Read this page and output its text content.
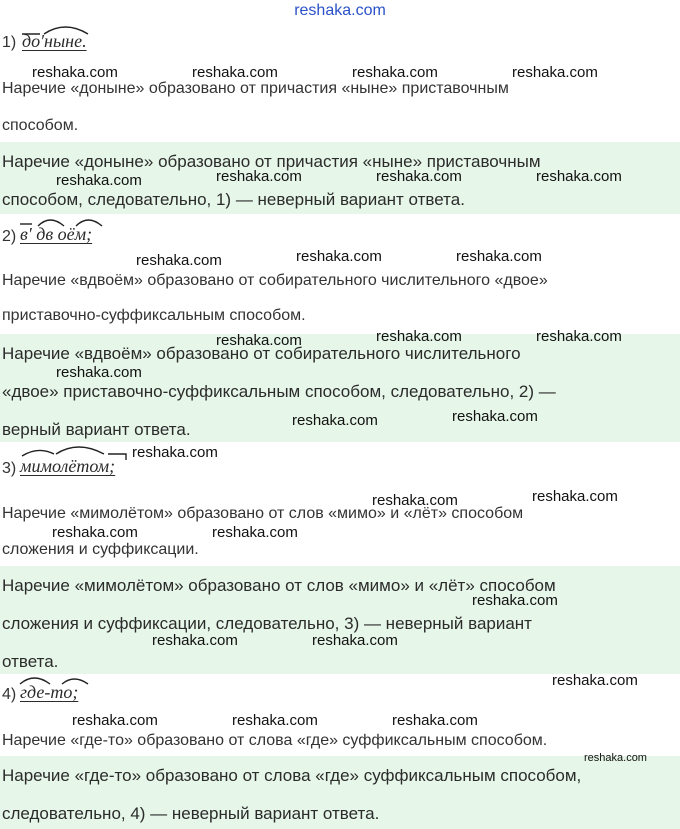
reshaka.com
1) до′ныне.
Наречие «доныне» образовано от причастия «ныне» приставочным
способом.
Наречие «доныне» образовано от причастия «ныне» приставочным
способом, следовательно, 1) — неверный вариант ответа.
2) в′ дв оём;
Наречие «вдвоём» образовано от собирательного числительного «двое»
приставочно-суффиксальным способом.
Наречие «вдвоём» образовано от собирательного числительного
«двое» приставочно-суффиксальным способом, следовательно, 2) —
верный вариант ответа.
3) мимолётом;
Наречие «мимолётом» образовано от слов «мимо» и «лёт» способом
сложения и суффиксации.
Наречие «мимолётом» образовано от слов «мимо» и «лёт» способом
сложения и суффиксации, следовательно, 3) — неверный вариант
ответа.
4) где-то;
Наречие «где-то» образовано от слова «где» суффиксальным способом.
Наречие «где-то» образовано от слова «где» суффиксальным способом,
следовательно, 4) — неверный вариант ответа.
reshaka.com	reshaka.com	reshaka.com	reshaka.com
reshaka.com	reshaka.com	reshaka.com	reshaka.com
reshaka.com	reshaka.com	reshaka.com
reshaka.com	reshaka.com	reshaka.com
reshaka.com
reshaka.com	reshaka.com
reshaka.com
reshaka.com	reshaka.com
reshaka.com	reshaka.com
reshaka.com
reshaka.com	reshaka.com
reshaka.com
reshaka.com	reshaka.com	reshaka.com
reshaka.com
